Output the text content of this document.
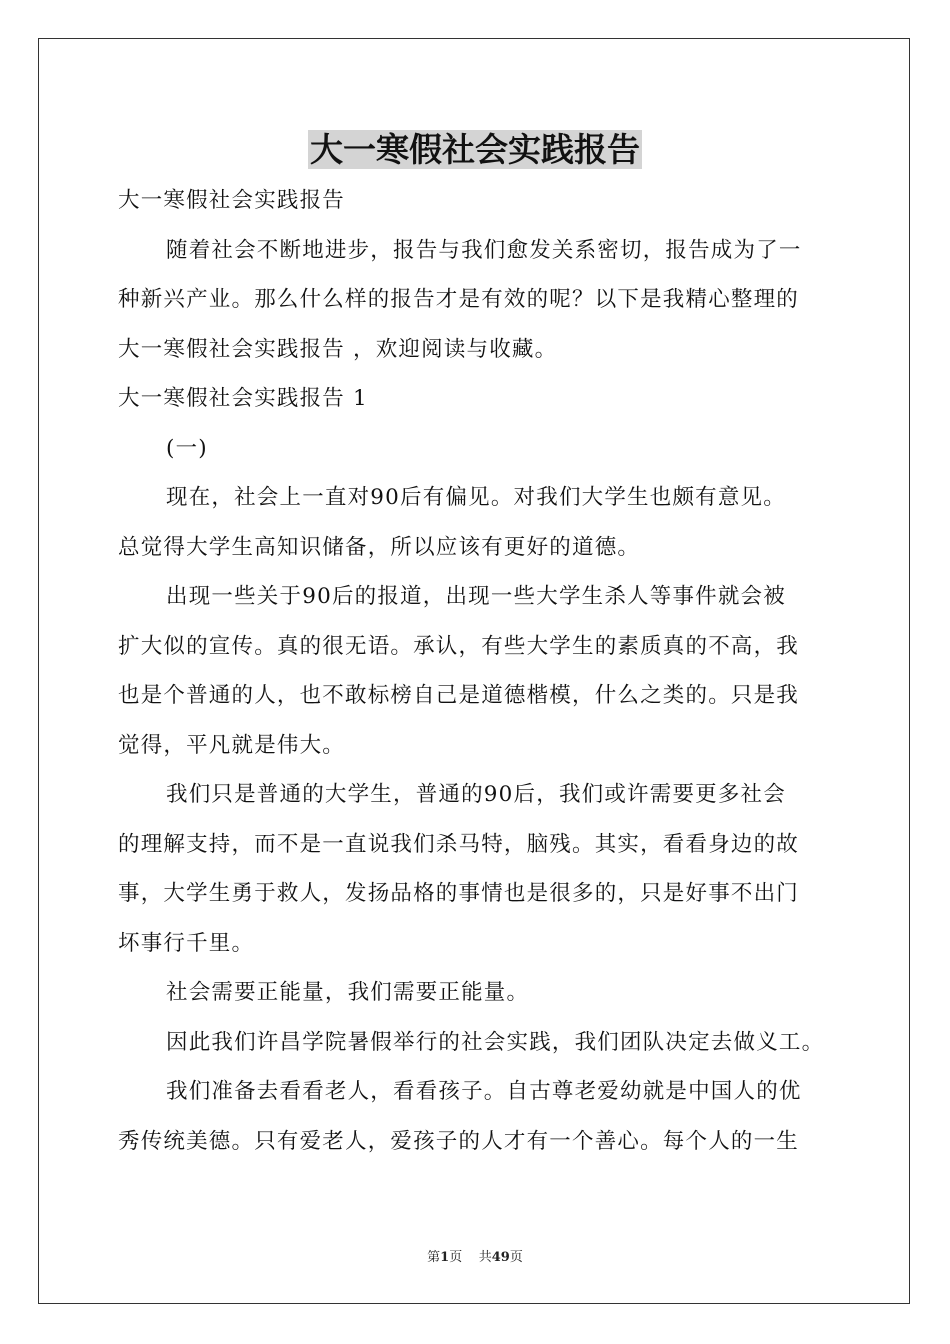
大一寒假社会实践报告
大一寒假社会实践报告
随着社会不断地进步，报告与我们愈发关系密切，报告成为了一
种新兴产业。那么什么样的报告才是有效的呢？以下是我精心整理的
大一寒假社会实践报告 ，欢迎阅读与收藏。
大一寒假社会实践报告 1
(一)
现在，社会上一直对90后有偏见。对我们大学生也颇有意见。
总觉得大学生高知识储备，所以应该有更好的道德。
出现一些关于90后的报道，出现一些大学生杀人等事件就会被
扩大似的宣传。真的很无语。承认，有些大学生的素质真的不高，我
也是个普通的人，也不敢标榜自己是道德楷模，什么之类的。只是我
觉得，平凡就是伟大。
我们只是普通的大学生，普通的90后，我们或许需要更多社会
的理解支持，而不是一直说我们杀马特，脑残。其实，看看身边的故
事，大学生勇于救人，发扬品格的事情也是很多的，只是好事不出门
坏事行千里。
社会需要正能量，我们需要正能量。
因此我们许昌学院暑假举行的社会实践，我们团队决定去做义工。
我们准备去看看老人，看看孩子。自古尊老爱幼就是中国人的优
秀传统美德。只有爱老人，爱孩子的人才有一个善心。每个人的一生
第1页 共49页
